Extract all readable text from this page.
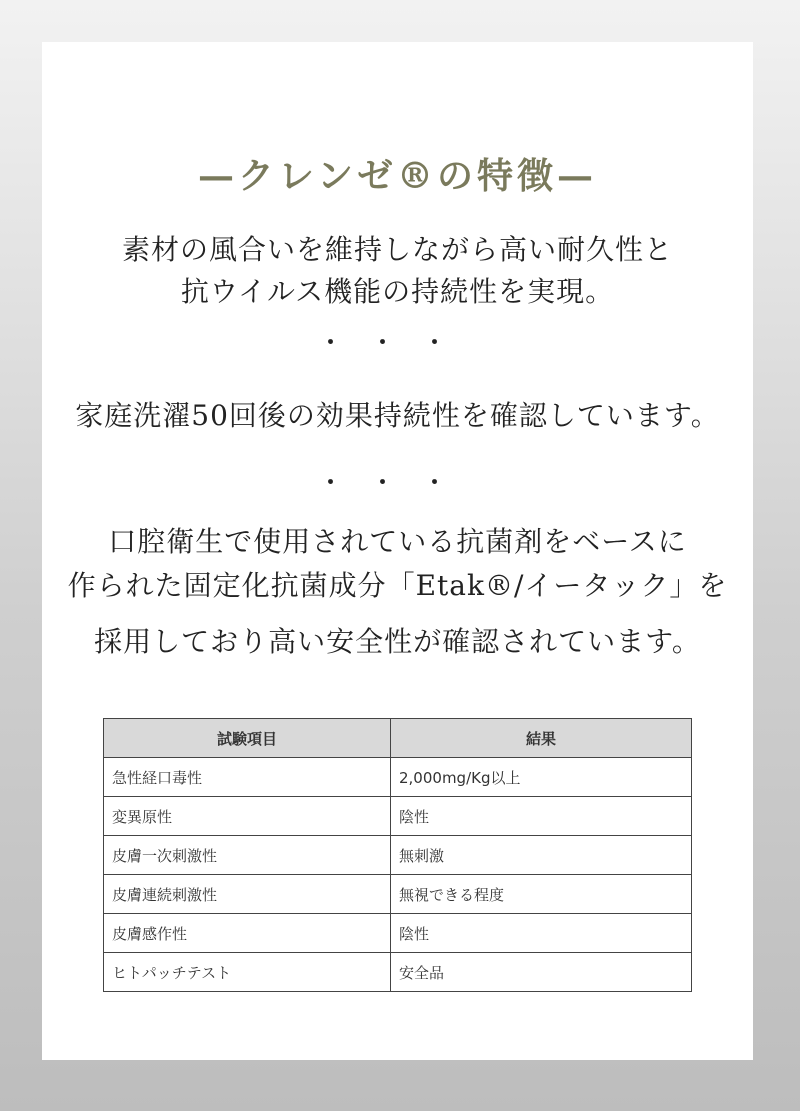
—クレンゼ®の特徴—
素材の風合いを維持しながら高い耐久性と
抗ウイルス機能の持続性を実現。
・・・
家庭洗濯50回後の効果持続性を確認しています。
・・・
口腔衛生で使用されている抗菌剤をベースに
作られた固定化抗菌成分「Etak®/イータック」を
採用しており高い安全性が確認されています。
試験項目	結果
急性経口毒性	2,000mg/Kg以上
変異原性	陰性
皮膚一次刺激性	無刺激
皮膚連続刺激性	無視できる程度
皮膚感作性	陰性
ヒトパッチテスト	安全品
